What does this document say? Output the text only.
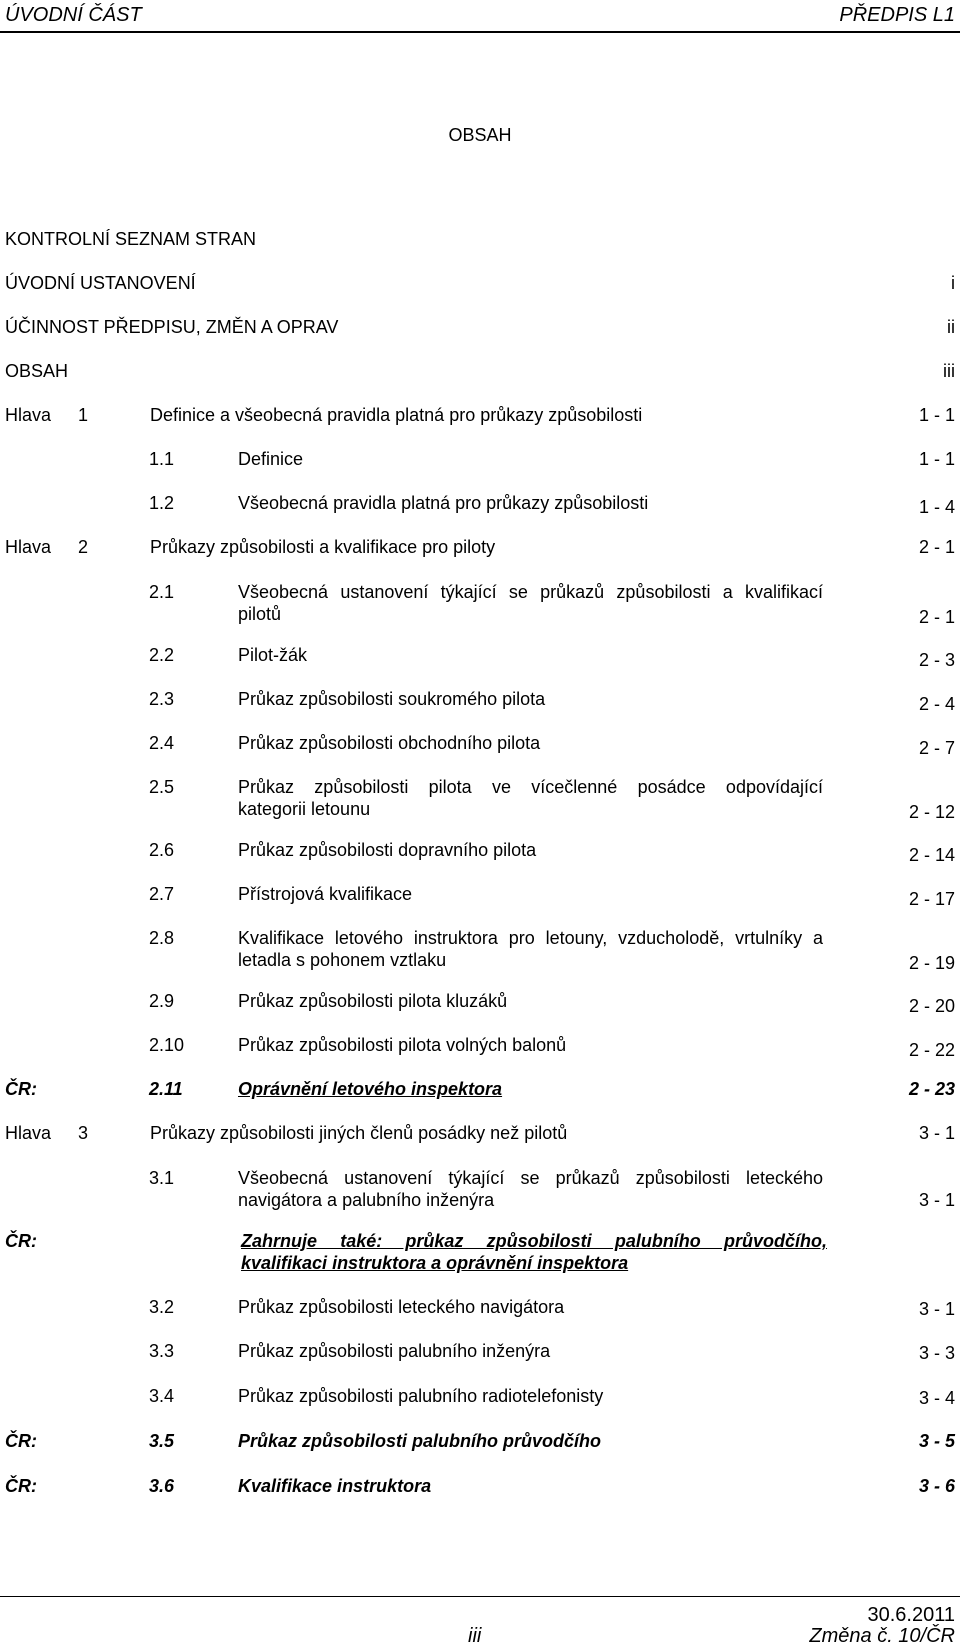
ÚVODNÍ ČÁST	PŘEDPIS L1
OBSAH
KONTROLNÍ SEZNAM STRAN
ÚVODNÍ USTANOVENÍ	i
ÚČINNOST PŘEDPISU, ZMĚN A OPRAV	ii
OBSAH	iii
Hlava 1	Definice a všeobecná pravidla platná pro průkazy způsobilosti	1 - 1
1.1	Definice	1 - 1
1.2	Všeobecná pravidla platná pro průkazy způsobilosti	1 - 4
Hlava 2	Průkazy způsobilosti a kvalifikace pro piloty	2 - 1
2.1	Všeobecná ustanovení týkající se průkazů způsobilosti a kvalifikací
pilotů	2 - 1
2.2	Pilot-žák	2 - 3
2.3	Průkaz způsobilosti soukromého pilota	2 - 4
2.4	Průkaz způsobilosti obchodního pilota	2 - 7
2.5	Průkaz způsobilosti pilota ve vícečlenné posádce odpovídající
kategorii letounu	2 - 12
2.6	Průkaz způsobilosti dopravního pilota	2 - 14
2.7	Přístrojová kvalifikace	2 - 17
2.8	Kvalifikace letového instruktora pro letouny, vzducholodě, vrtulníky a
letadla s pohonem vztlaku	2 - 19
2.9	Průkaz způsobilosti pilota kluzáků	2 - 20
2.10	Průkaz způsobilosti pilota volných balonů	2 - 22
ČR:	2.11	Oprávnění letového inspektora	2 - 23
Hlava 3	Průkazy způsobilosti jiných členů posádky než pilotů	3 - 1
3.1	Všeobecná ustanovení týkající se průkazů způsobilosti leteckého
navigátora a palubního inženýra	3 - 1
ČR:	Zahrnuje také: průkaz způsobilosti palubního průvodčího,
kvalifikaci instruktora a oprávnění inspektora
3.2	Průkaz způsobilosti leteckého navigátora	3 - 1
3.3	Průkaz způsobilosti palubního inženýra	3 - 3
3.4	Průkaz způsobilosti palubního radiotelefonisty	3 - 4
ČR:	3.5	Průkaz způsobilosti palubního průvodčího	3 - 5
ČR:	3.6	Kvalifikace instruktora	3 - 6
30.6.2011
iii	Změna č. 10/ČR
